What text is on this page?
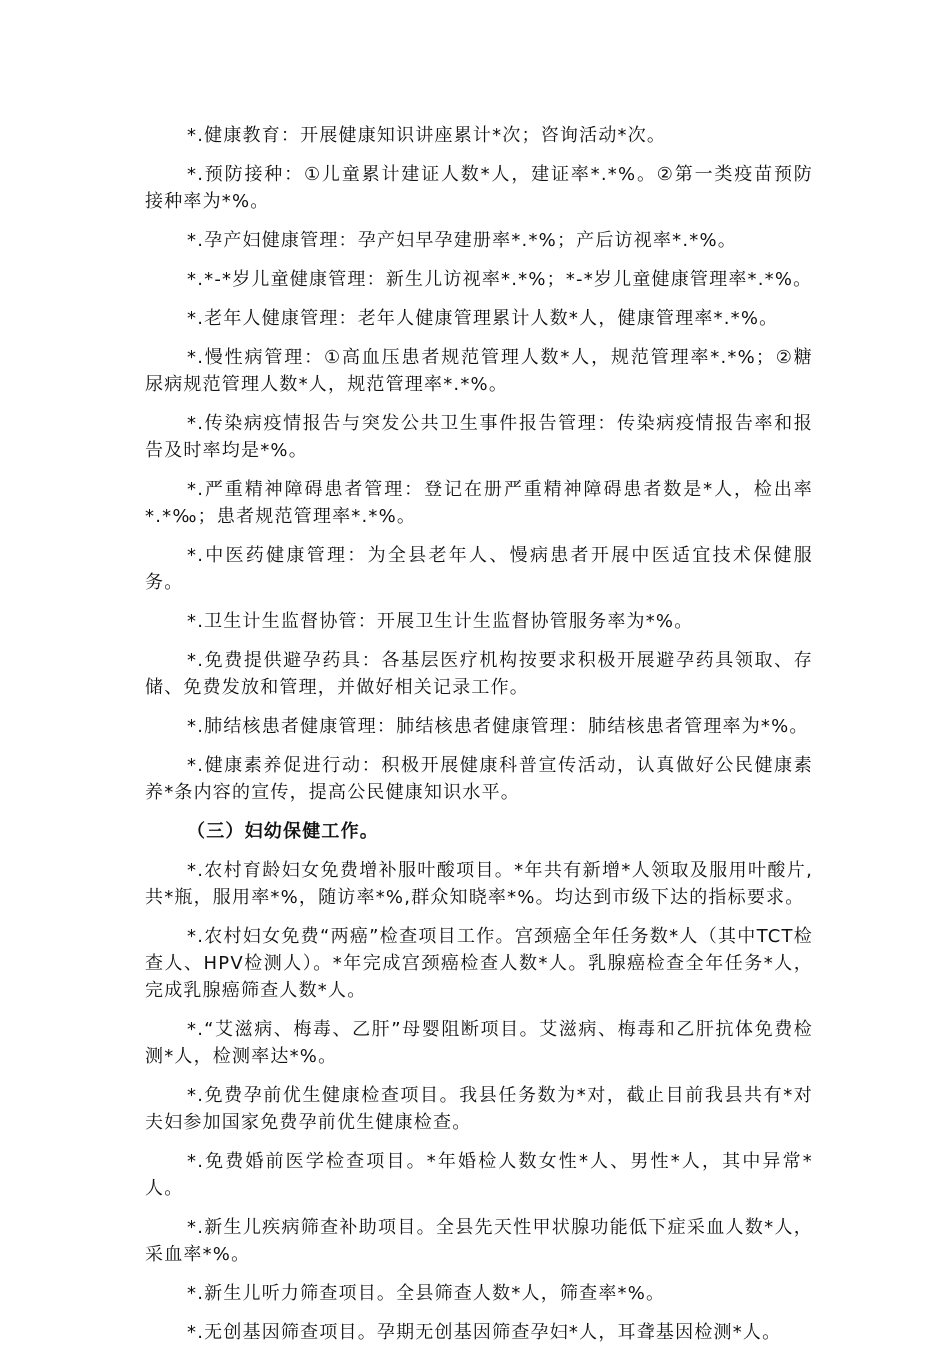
*.健康教育：开展健康知识讲座累计*次；咨询活动*次。

*.预防接种：①儿童累计建证人数*人，建证率*.*%。②第一类疫苗预防接种率为*%。

*.孕产妇健康管理：孕产妇早孕建册率*.*%；产后访视率*.*%。

*.*-*岁儿童健康管理：新生儿访视率*.*%；*-*岁儿童健康管理率*.*%。

*.老年人健康管理：老年人健康管理累计人数*人，健康管理率*.*%。

*.慢性病管理：①高血压患者规范管理人数*人，规范管理率*.*%；②糖尿病规范管理人数*人，规范管理率*.*%。

*.传染病疫情报告与突发公共卫生事件报告管理：传染病疫情报告率和报告及时率均是*%。

*.严重精神障碍患者管理：登记在册严重精神障碍患者数是*人，检出率*.*‰；患者规范管理率*.*%。

*.中医药健康管理：为全县老年人、慢病患者开展中医适宜技术保健服务。

*.卫生计生监督协管：开展卫生计生监督协管服务率为*%。

*.免费提供避孕药具：各基层医疗机构按要求积极开展避孕药具领取、存储、免费发放和管理，并做好相关记录工作。

*.肺结核患者健康管理：肺结核患者健康管理：肺结核患者管理率为*%。

*.健康素养促进行动：积极开展健康科普宣传活动，认真做好公民健康素养*条内容的宣传，提高公民健康知识水平。

（三）妇幼保健工作。

*.农村育龄妇女免费增补服叶酸项目。*年共有新增*人领取及服用叶酸片,共*瓶，服用率*%，随访率*%,群众知晓率*%。均达到市级下达的指标要求。

*.农村妇女免费“两癌”检查项目工作。宫颈癌全年任务数*人（其中TCT检查人、HPV检测人）。*年完成宫颈癌检查人数*人。乳腺癌检查全年任务*人，完成乳腺癌筛查人数*人。

*.“艾滋病、梅毒、乙肝”母婴阻断项目。艾滋病、梅毒和乙肝抗体免费检测*人，检测率达*%。

*.免费孕前优生健康检查项目。我县任务数为*对，截止目前我县共有*对夫妇参加国家免费孕前优生健康检查。

*.免费婚前医学检查项目。*年婚检人数女性*人、男性*人，其中异常*人。

*.新生儿疾病筛查补助项目。全县先天性甲状腺功能低下症采血人数*人，采血率*%。

*.新生儿听力筛查项目。全县筛查人数*人，筛查率*%。

*.无创基因筛查项目。孕期无创基因筛查孕妇*人，耳聋基因检测*人。
